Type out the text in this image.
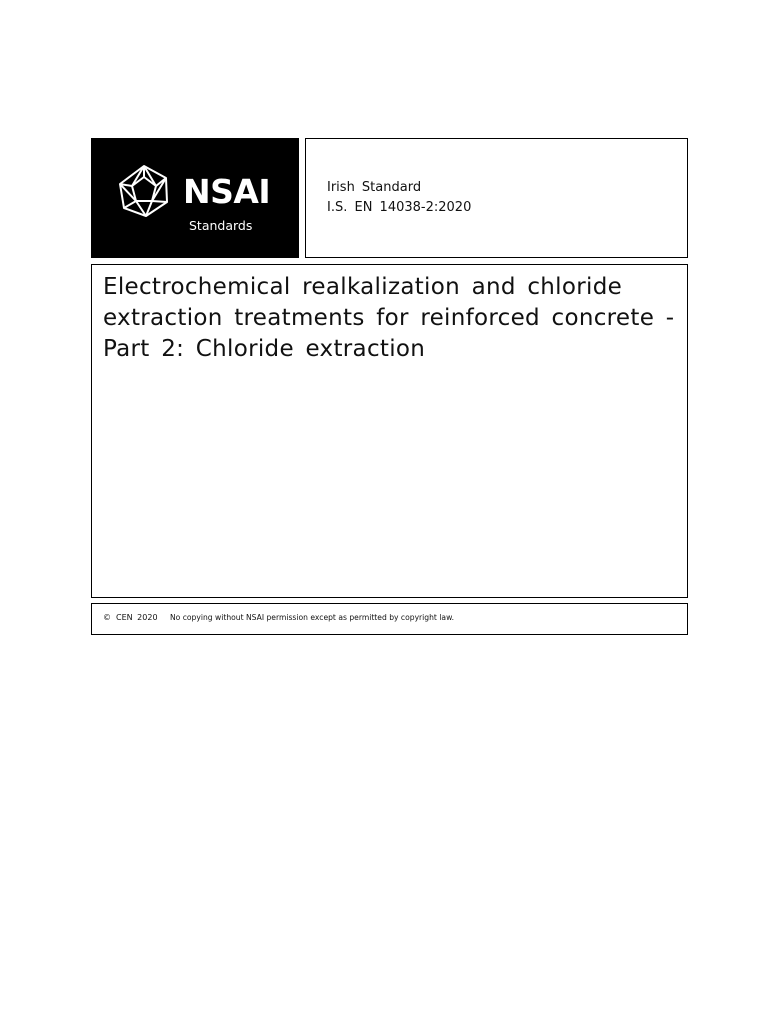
NSAI
Standards
Irish Standard
I.S. EN 14038-2:2020
Electrochemical realkalization and chloride extraction treatments for reinforced concrete - Part 2: Chloride extraction
© CEN 2020 No copying without NSAI permission except as permitted by copyright law.
